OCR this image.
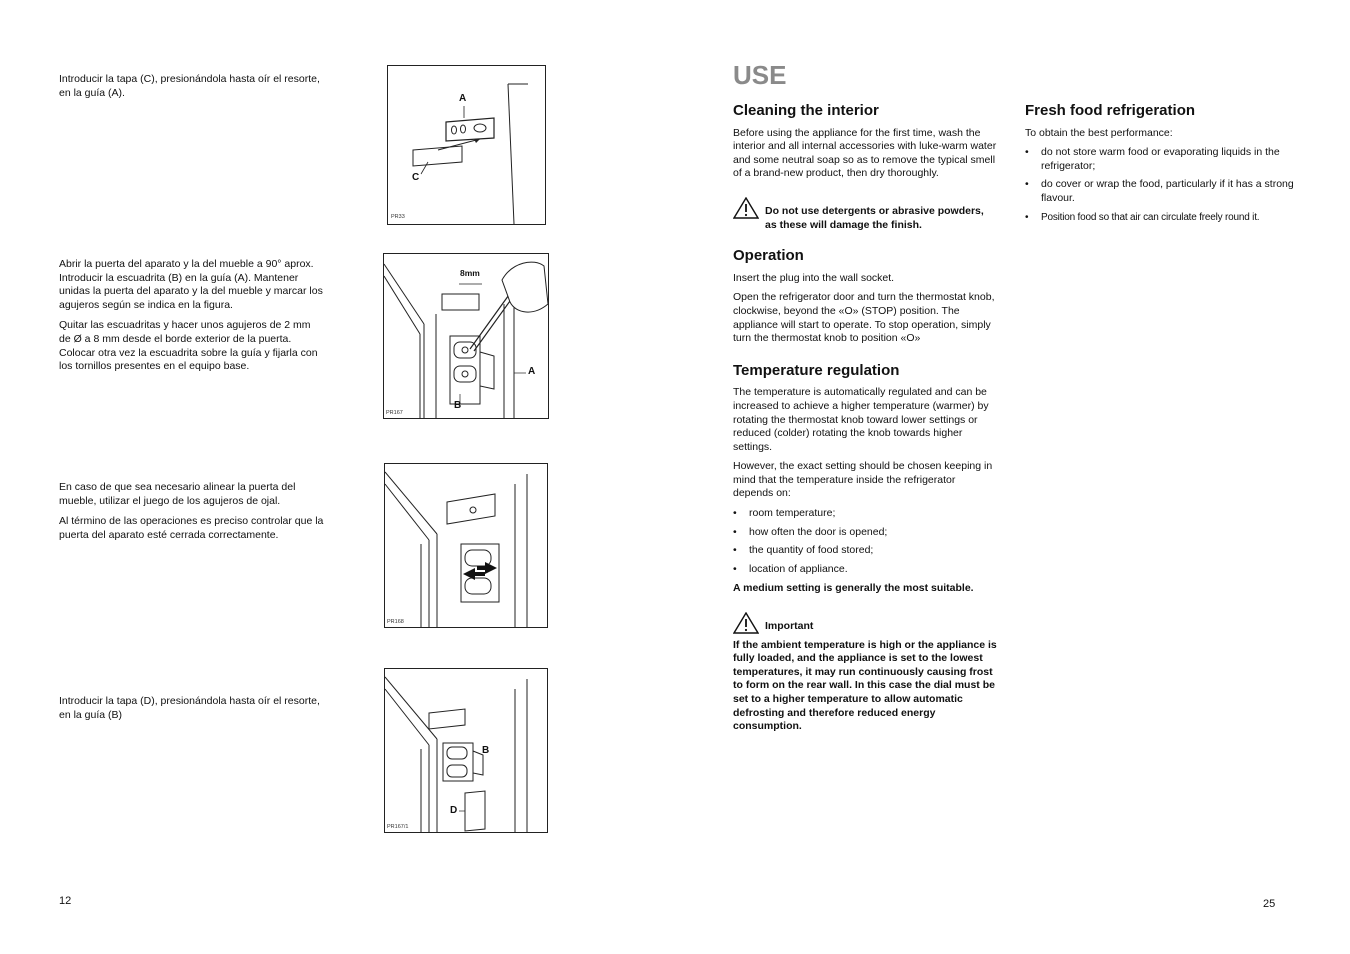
Introducir la tapa (C), presionándola hasta oír el resorte, en la guía (A).

Abrir la puerta del aparato y la del mueble a 90° aprox. Introducir la escuadrita (B) en la guía (A). Mantener unidas la puerta del aparato y la del mueble y marcar los agujeros según se indica en la figura.

Quitar las escuadritas y hacer unos agujeros de 2 mm de Ø a 8 mm desde el borde exterior de la puerta. Colocar otra vez la escuadrita sobre la guía y fijarla con los tornillos presentes en el equipo base.

En caso de que sea necesario alinear la puerta del mueble, utilizar el juego de los agujeros de ojal.

Al término de las operaciones es preciso controlar que la puerta del aparato esté cerrada correctamente.

Introducir la tapa (D), presionándola hasta oír el resorte, en la guía (B)

A
C
PR33
8mm
A
B
PR167
PR168
B
D
PR167/1
12
USE
Cleaning the interior

Before using the appliance for the first time, wash the interior and all internal accessories with luke-warm water and some neutral soap so as to remove the typical smell of a brand-new product, then dry thoroughly.

Do not use detergents or abrasive powders, as these will damage the finish.
Operation

Insert the plug into the wall socket.

Open the refrigerator door and turn the thermostat knob, clockwise, beyond the «O» (STOP) position. The appliance will start to operate. To stop operation, simply turn the thermostat knob to position «O»

Temperature regulation

The temperature is automatically regulated and can be increased to achieve a higher temperature (warmer) by rotating the thermostat knob toward lower settings or reduced (colder) rotating the knob towards higher settings.

However, the exact setting should be chosen keeping in mind that the temperature inside the refrigerator depends on:

• room temperature;
• how often the door is opened;
• the quantity of food stored;
• location of appliance.

A medium setting is generally the most suitable.

Important

If the ambient temperature is high or the appliance is fully loaded, and the appliance is set to the lowest temperatures, it may run continuously causing frost to form on the rear wall. In this case the dial must be set to a higher temperature to allow automatic defrosting and therefore reduced energy consumption.

Fresh food refrigeration

To obtain the best performance:

• do not store warm food or evaporating liquids in the refrigerator;
• do cover or wrap the food, particularly if it has a strong flavour.
• Position food so that air can circulate freely round it.
25
